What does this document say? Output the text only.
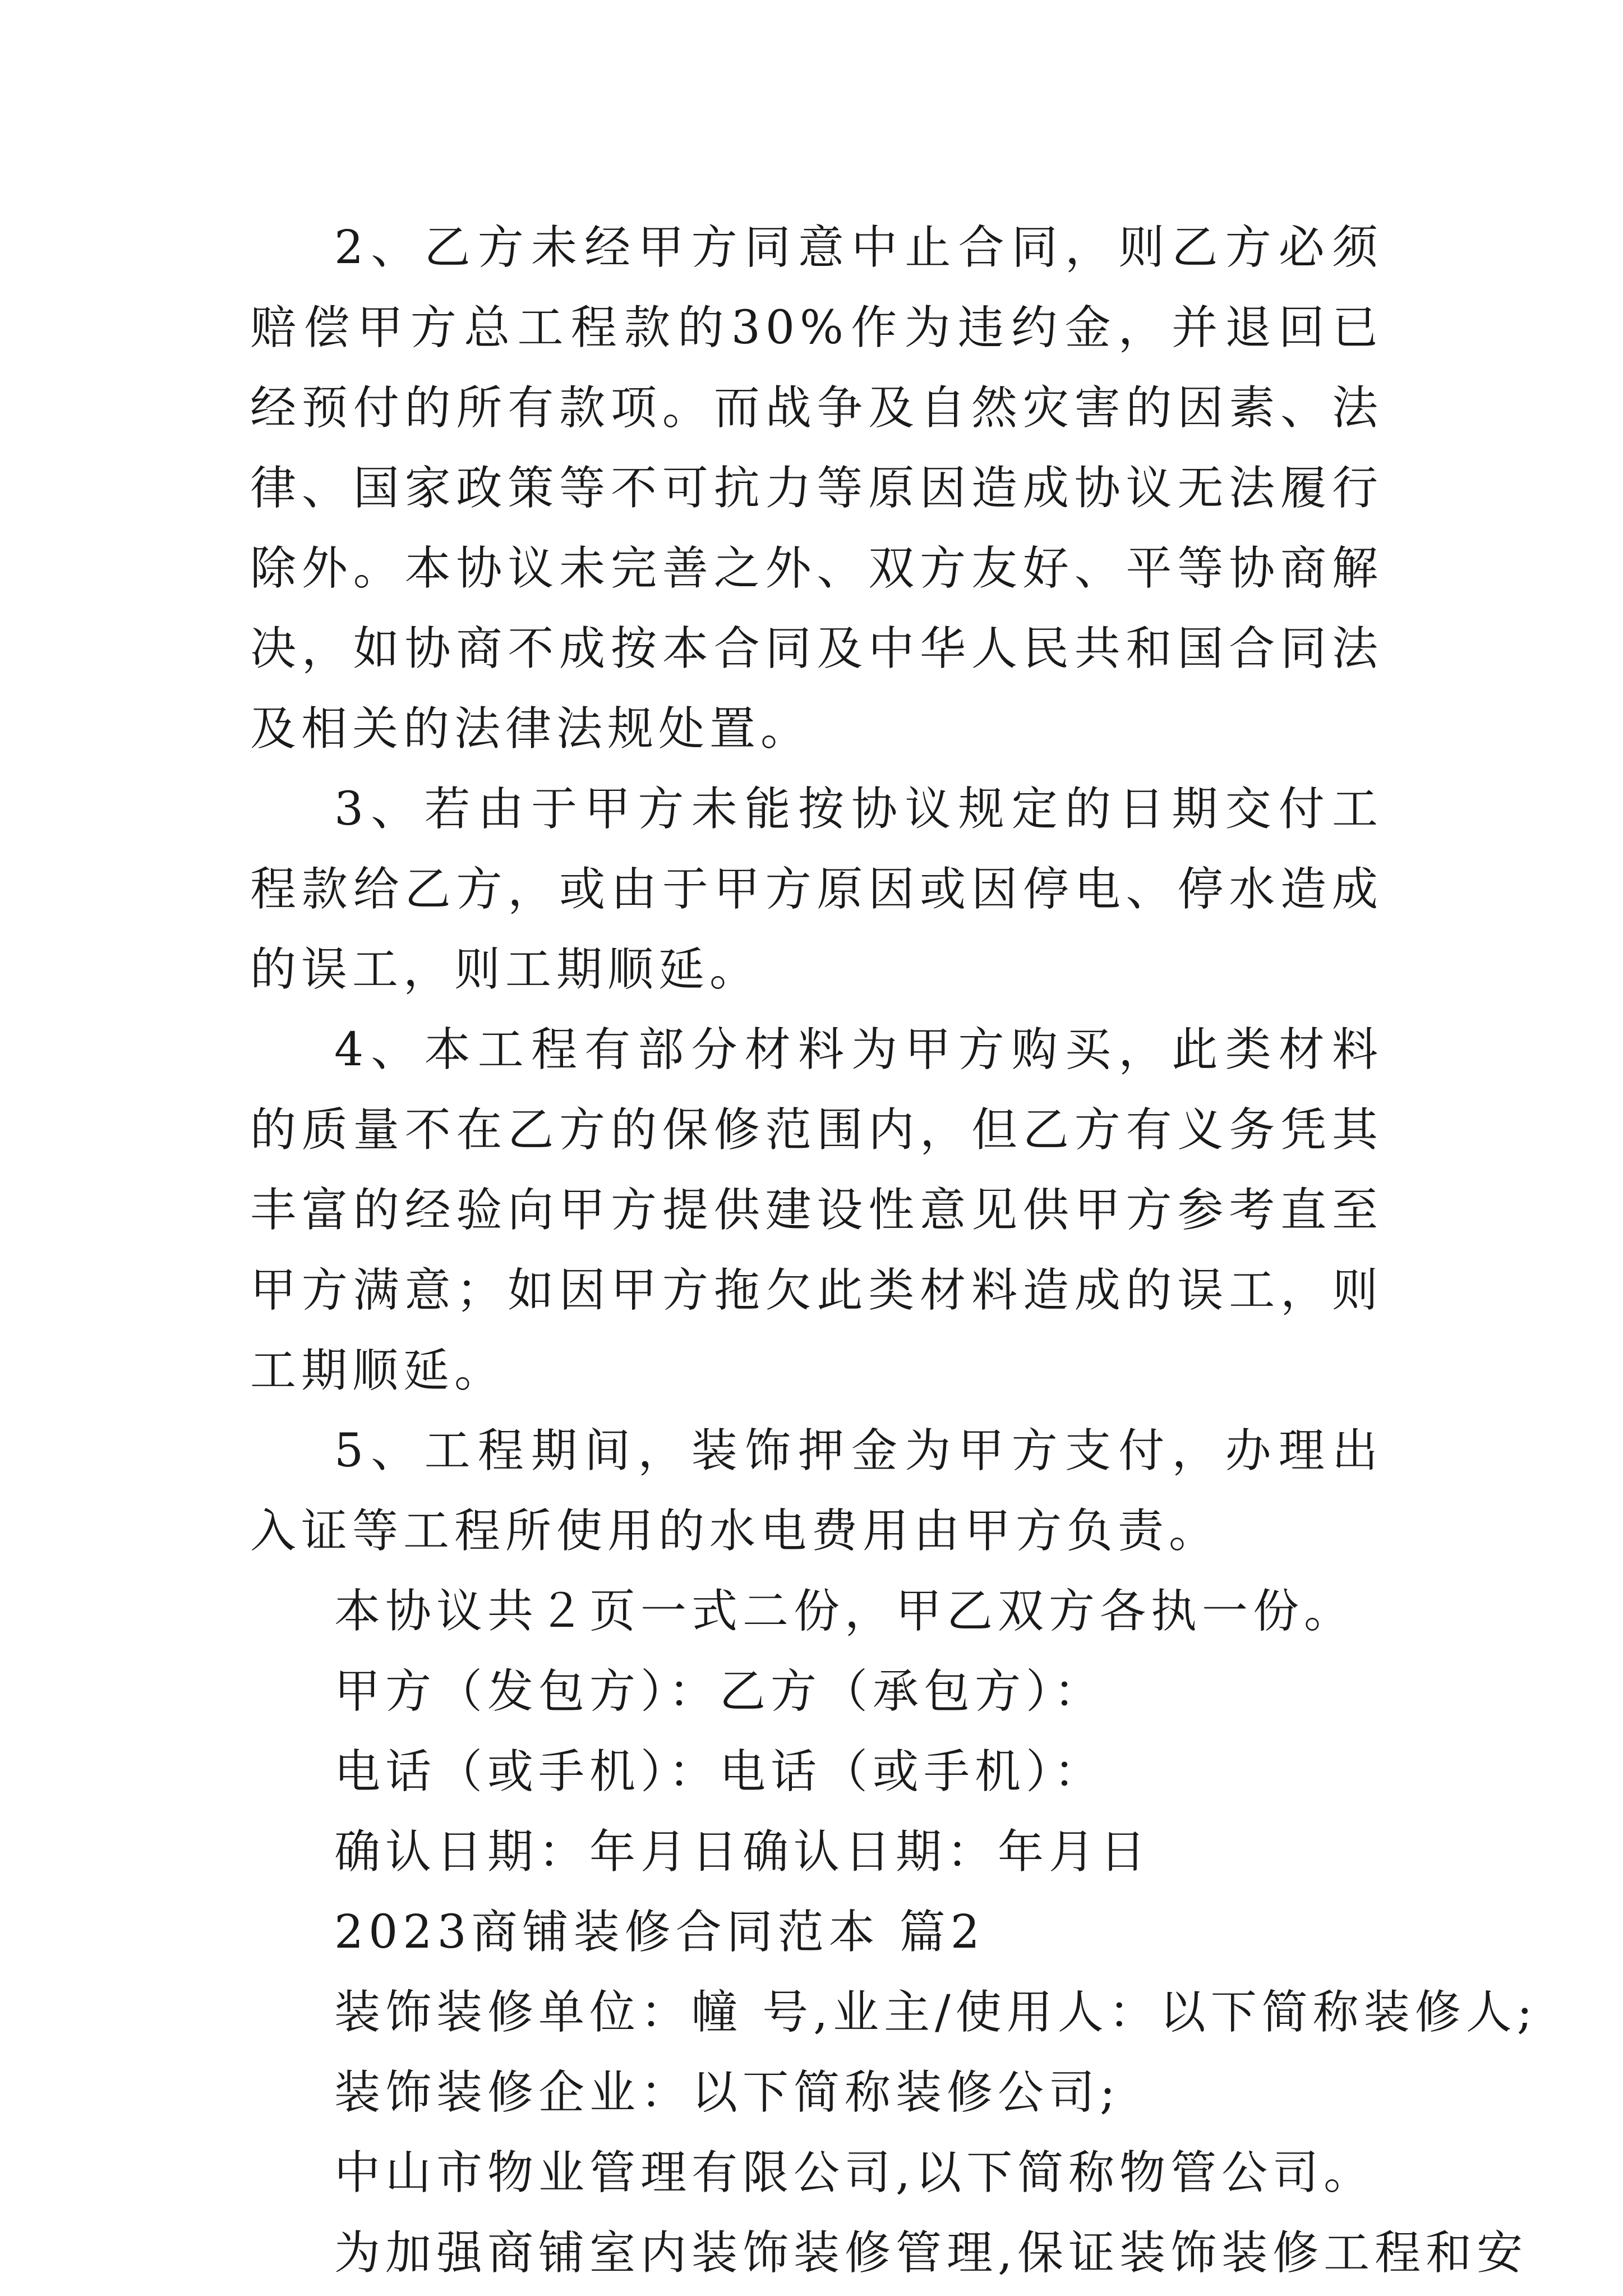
2、乙方未经甲方同意中止合同，则乙方必须赔偿甲方总工程款的30%作为违约金，并退回已经预付的所有款项。而战争及自然灾害的因素、法律、国家政策等不可抗力等原因造成协议无法履行除外。本协议未完善之外、双方友好、平等协商解决，如协商不成按本合同及中华人民共和国合同法及相关的法律法规处置。

3、若由于甲方未能按协议规定的日期交付工程款给乙方，或由于甲方原因或因停电、停水造成的误工，则工期顺延。

4、本工程有部分材料为甲方购买，此类材料的质量不在乙方的保修范围内，但乙方有义务凭其丰富的经验向甲方提供建设性意见供甲方参考直至甲方满意；如因甲方拖欠此类材料造成的误工，则工期顺延。

5、工程期间，装饰押金为甲方支付，办理出入证等工程所使用的水电费用由甲方负责。

本协议共２页一式二份，甲乙双方各执一份。

甲方（发包方）：乙方（承包方）：

电话（或手机）：电话（或手机）：

确认日期：年月日确认日期：年月日

2023商铺装修合同范本 篇2

装饰装修单位：幢 号,业主/使用人：以下简称装修人;

装饰装修企业：以下简称装修公司;

中山市物业管理有限公司,以下简称物管公司。

为加强商铺室内装饰装修管理,保证装饰装修工程和安
